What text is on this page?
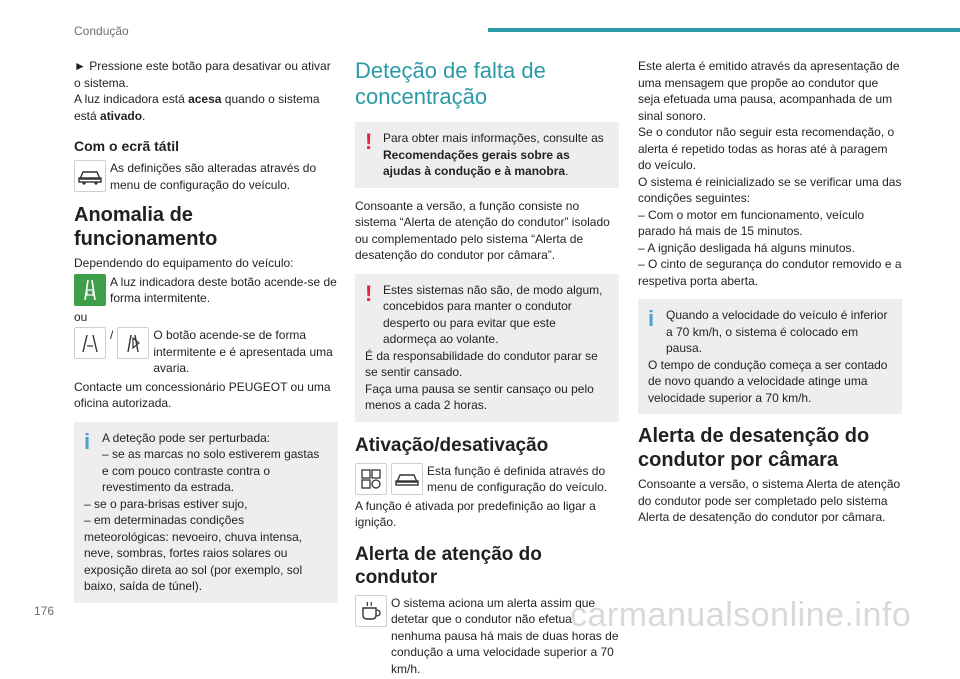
Condução

► Pressione este botão para desativar ou ativar o sistema.

A luz indicadora está acesa quando o sistema está ativado.

Com o ecrã tátil
As definições são alteradas através do menu de configuração do veículo.
Anomalia de funcionamento

Dependendo do equipamento do veículo:

A luz indicadora deste botão acende-se de forma intermitente.

ou

/	O botão acende-se de forma intermitente e é apresentada uma avaria.

Contacte um concessionário PEUGEOT ou uma oficina autorizada.

i A deteção pode ser perturbada:

– se as marcas no solo estiverem gastas e com pouco contraste contra o revestimento da estrada.

– se o para-brisas estiver sujo,

– em determinadas condições meteorológicas: nevoeiro, chuva intensa, neve, sombras, fortes raios solares ou exposição direta ao sol (por exemplo, sol baixo, saída de túnel).

Deteção de falta de concentração
! Para obter mais informações, consulte as Recomendações gerais sobre as ajudas à condução e à manobra.

Consoante a versão, a função consiste no sistema “Alerta de atenção do condutor” isolado ou complementado pelo sistema “Alerta de desatenção do condutor por câmara”.

! Estes sistemas não são, de modo algum, concebidos para manter o condutor desperto ou para evitar que este adormeça ao volante.

É da responsabilidade do condutor parar se se sentir cansado.

Faça uma pausa se sentir cansaço ou pelo menos a cada 2 horas.

Ativação/desativação
Esta função é definida através do menu de configuração do veículo.

A função é ativada por predefinição ao ligar a ignição.

Alerta de atenção do condutor
O sistema aciona um alerta assim que detetar que o condutor não efetua nenhuma pausa há mais de duas horas de condução a uma velocidade superior a 70 km/h.

Este alerta é emitido através da apresentação de uma mensagem que propõe ao condutor que seja efetuada uma pausa, acompanhada de um sinal sonoro.

Se o condutor não seguir esta recomendação, o alerta é repetido todas as horas até à paragem do veículo.

O sistema é reinicializado se se verificar uma das condições seguintes:

– Com o motor em funcionamento, veículo parado há mais de 15 minutos.

– A ignição desligada há alguns minutos.

– O cinto de segurança do condutor removido e a respetiva porta aberta.

i Quando a velocidade do veículo é inferior a 70 km/h, o sistema é colocado em pausa.

O tempo de condução começa a ser contado de novo quando a velocidade atinge uma velocidade superior a 70 km/h.

Alerta de desatenção do condutor por câmara

Consoante a versão, o sistema Alerta de atenção do condutor pode ser completado pelo sistema Alerta de desatenção do condutor por câmara.

176	carmanualsonline.info
